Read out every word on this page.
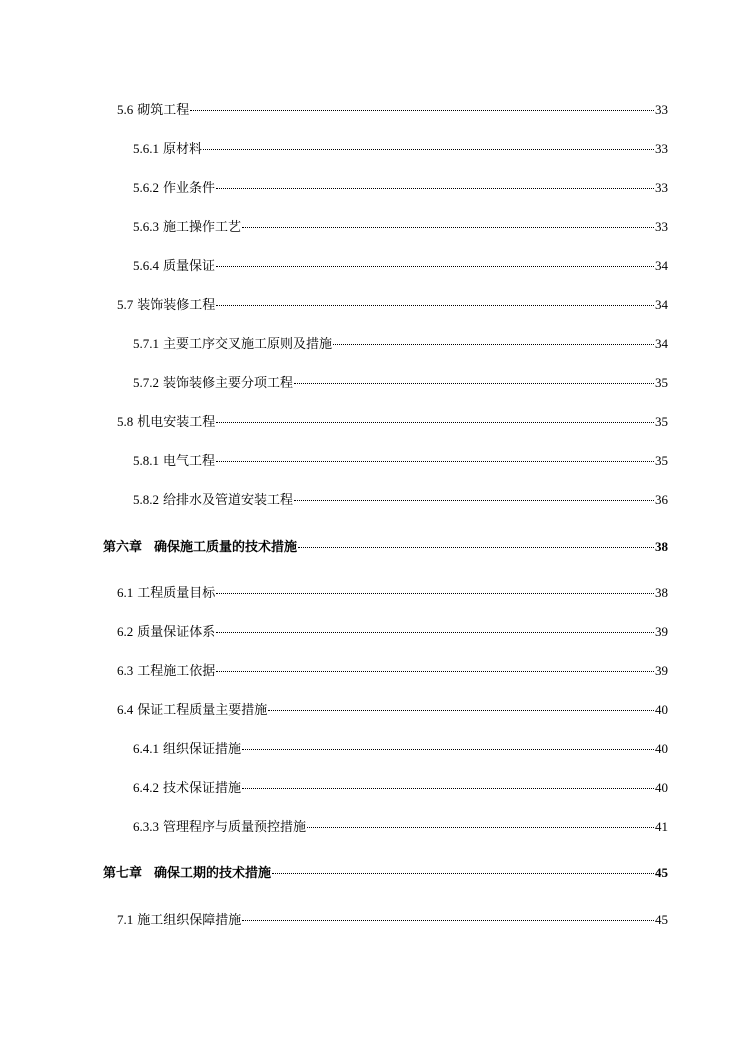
5.6 砌筑工程	33
5.6.1 原材料	33
5.6.2 作业条件	33
5.6.3 施工操作工艺	33
5.6.4 质量保证	34
5.7 装饰装修工程	34
5.7.1 主要工序交叉施工原则及措施	34
5.7.2 装饰装修主要分项工程	35
5.8 机电安装工程	35
5.8.1 电气工程	35
5.8.2 给排水及管道安装工程	36
第六章 确保施工质量的技术措施	38
6.1 工程质量目标	38
6.2 质量保证体系	39
6.3 工程施工依据	39
6.4 保证工程质量主要措施	40
6.4.1 组织保证措施	40
6.4.2 技术保证措施	40
6.3.3 管理程序与质量预控措施	41
第七章 确保工期的技术措施	45
7.1 施工组织保障措施	45
